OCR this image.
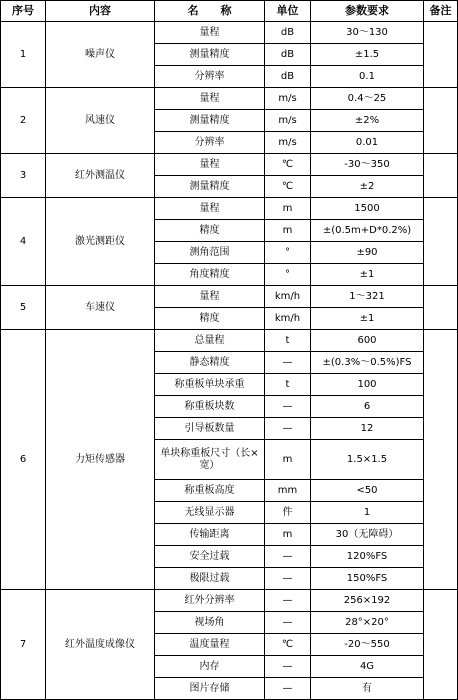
序号	内容	名　　称	单位	参数要求	备注
1	噪声仪	量程	dB	30～130	
		测量精度	dB	±1.5	
		分辨率	dB	0.1	
2	风速仪	量程	m/s	0.4～25	
		测量精度	m/s	±2%	
		分辨率	m/s	0.01	
3	红外测温仪	量程	℃	-30～350	
		测量精度	℃	±2	
4	激光测距仪	量程	m	1500	
		精度	m	±(0.5m+D*0.2%)	
		测角范围	°	±90	
		角度精度	°	±1	
5	车速仪	量程	km/h	1～321	
		精度	km/h	±1	
6	力矩传感器	总量程	t	600	
		静态精度	—	±(0.3%～0.5%)FS	
		称重板单块承重	t	100	
		称重板块数	—	6	
		引导板数量	—	12	
		单块称重板尺寸（长×宽）	m	1.5×1.5	
		称重板高度	mm	<50	
		无线显示器	件	1	
		传输距离	m	30（无障碍）	
		安全过载	—	120%FS	
		极限过载	—	150%FS	
7	红外温度成像仪	红外分辨率	—	256×192	
		视场角	—	28°×20°	
		温度量程	℃	-20～550	
		内存	—	4G	
		图片存储	—	有	
